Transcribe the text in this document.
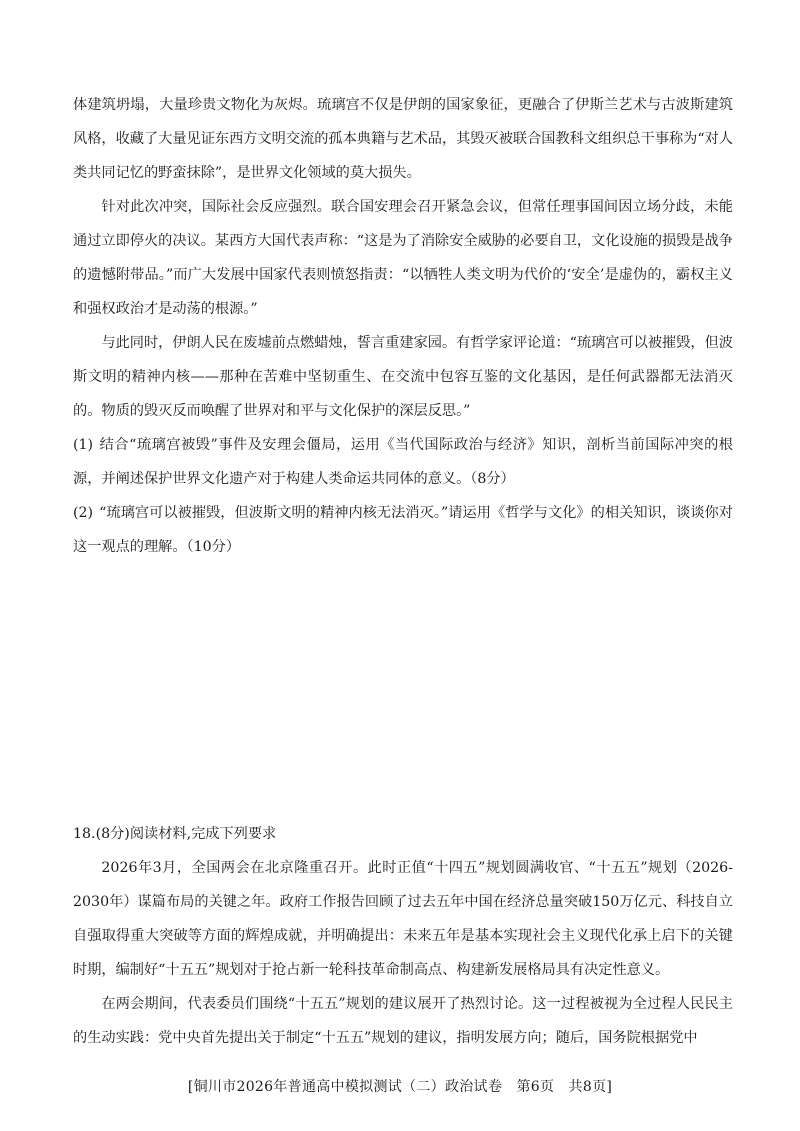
体建筑坍塌，大量珍贵文物化为灰烬。琉璃宫不仅是伊朗的国家象征，更融合了伊斯兰艺术与古波斯建筑风格，收藏了大量见证东西方文明交流的孤本典籍与艺术品，其毁灭被联合国教科文组织总干事称为“对人类共同记忆的野蛮抹除”，是世界文化领域的莫大损失。

针对此次冲突，国际社会反应强烈。联合国安理会召开紧急会议，但常任理事国间因立场分歧，未能通过立即停火的决议。某西方大国代表声称：“这是为了消除安全威胁的必要自卫，文化设施的损毁是战争的遗憾附带品。”而广大发展中国家代表则愤怒指责：“以牺牲人类文明为代价的‘安全’是虚伪的，霸权主义和强权政治才是动荡的根源。”

与此同时，伊朗人民在废墟前点燃蜡烛，誓言重建家园。有哲学家评论道：“琉璃宫可以被摧毁，但波斯文明的精神内核——那种在苦难中坚韧重生、在交流中包容互鉴的文化基因，是任何武器都无法消灭的。物质的毁灭反而唤醒了世界对和平与文化保护的深层反思。”

(1) 结合“琉璃宫被毁”事件及安理会僵局，运用《当代国际政治与经济》知识，剖析当前国际冲突的根源，并阐述保护世界文化遗产对于构建人类命运共同体的意义。（8分）

(2) “琉璃宫可以被摧毁，但波斯文明的精神内核无法消灭。”请运用《哲学与文化》的相关知识，谈谈你对这一观点的理解。（10分）

18.(8分)阅读材料,完成下列要求

2026年3月，全国两会在北京隆重召开。此时正值“十四五”规划圆满收官、“十五五”规划（2026-2030年）谋篇布局的关键之年。政府工作报告回顾了过去五年中国在经济总量突破150万亿元、科技自立自强取得重大突破等方面的辉煌成就，并明确提出：未来五年是基本实现社会主义现代化承上启下的关键时期，编制好“十五五”规划对于抢占新一轮科技革命制高点、构建新发展格局具有决定性意义。

在两会期间，代表委员们围绕“十五五”规划的建议展开了热烈讨论。这一过程被视为全过程人民民主的生动实践：党中央首先提出关于制定“十五五”规划的建议，指明发展方向；随后，国务院根据党中

[铜川市2026年普通高中模拟测试（二）政治试卷　第6页　共8页]
